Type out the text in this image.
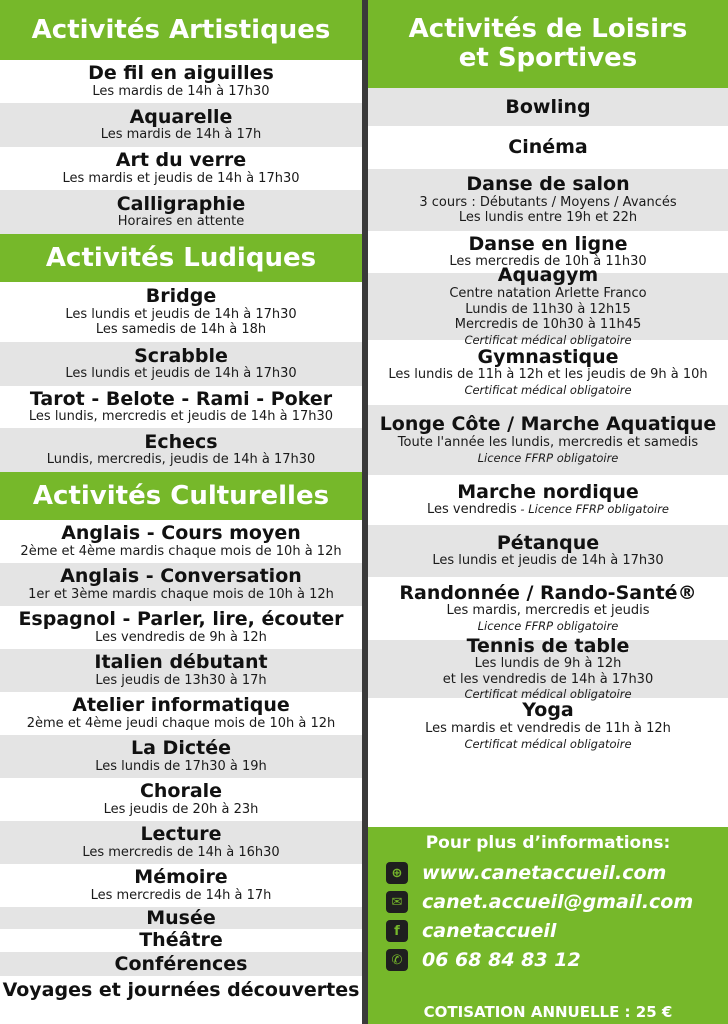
Activités Artistiques
De fil en aiguilles
Les mardis de 14h à 17h30
Aquarelle
Les mardis de 14h à 17h
Art du verre
Les mardis et jeudis de 14h à 17h30
Calligraphie
Horaires en attente
Activités Ludiques
Bridge
Les lundis et jeudis de 14h à 17h30
Les samedis de 14h à 18h
Scrabble
Les lundis et jeudis de 14h à 17h30
Tarot - Belote - Rami - Poker
Les lundis, mercredis et jeudis de 14h à 17h30
Echecs
Lundis, mercredis, jeudis de 14h à 17h30
Activités Culturelles
Anglais - Cours moyen
2ème et 4ème mardis chaque mois de 10h à 12h
Anglais - Conversation
1er et 3ème mardis chaque mois de 10h à 12h
Espagnol - Parler, lire, écouter
Les vendredis de 9h à 12h
Italien débutant
Les jeudis de 13h30 à 17h
Atelier informatique
2ème et 4ème jeudi chaque mois de 10h à 12h
La Dictée
Les lundis de 17h30 à 19h
Chorale
Les jeudis de 20h à 23h
Lecture
Les mercredis de 14h à 16h30
Mémoire
Les mercredis de 14h à 17h
Musée
Théâtre
Conférences
Voyages et journées découvertes
Activités de Loisirs
et Sportives
Bowling
Cinéma
Danse de salon
3 cours : Débutants / Moyens / Avancés
Les lundis entre 19h et 22h
Danse en ligne
Les mercredis de 10h à 11h30
Aquagym
Centre natation Arlette Franco
Lundis de 11h30 à 12h15
Mercredis de 10h30 à 11h45
Certificat médical obligatoire
Gymnastique
Les lundis de 11h à 12h et les jeudis de 9h à 10h
Certificat médical obligatoire
Longe Côte / Marche Aquatique
Toute l'année les lundis, mercredis et samedis
Licence FFRP obligatoire
Marche nordique
Les vendredis - Licence FFRP obligatoire
Pétanque
Les lundis et jeudis de 14h à 17h30
Randonnée / Rando-Santé®
Les mardis, mercredis et jeudis
Licence FFRP obligatoire
Tennis de table
Les lundis de 9h à 12h
et les vendredis de 14h à 17h30
Certificat médical obligatoire
Yoga
Les mardis et vendredis de 11h à 12h
Certificat médical obligatoire
Pour plus d’informations:
⊕ www.canetaccueil.com
✉ canet.accueil@gmail.com
f	canetaccueil
✆ 06 68 84 83 12
COTISATION ANNUELLE : 25 €
